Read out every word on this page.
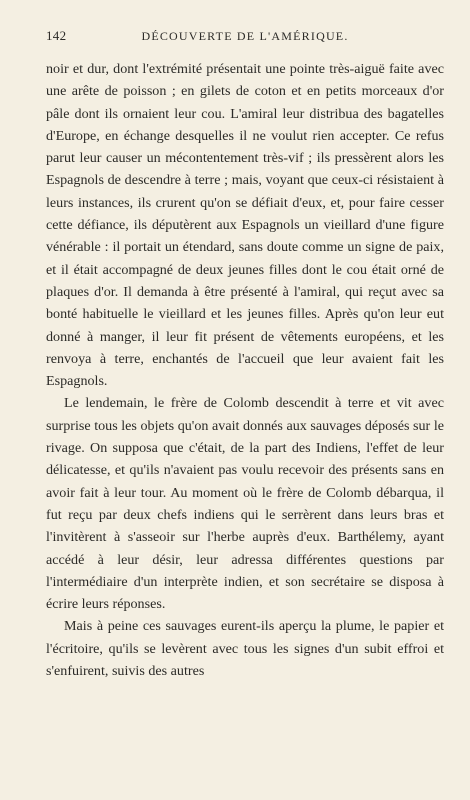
142	DÉCOUVERTE DE L'AMÉRIQUE.

noir et dur, dont l'extrémité présentait une pointe très-aiguë faite avec une arête de poisson ; en gilets de coton et en petits morceaux d'or pâle dont ils ornaient leur cou. L'amiral leur distribua des bagatelles d'Europe, en échange desquelles il ne voulut rien accepter. Ce refus parut leur causer un mécontentement très-vif ; ils pressèrent alors les Espagnols de descendre à terre ; mais, voyant que ceux-ci résistaient à leurs instances, ils crurent qu'on se défiait d'eux, et, pour faire cesser cette défiance, ils députèrent aux Espagnols un vieillard d'une figure vénérable : il portait un étendard, sans doute comme un signe de paix, et il était accompagné de deux jeunes filles dont le cou était orné de plaques d'or. Il demanda à être présenté à l'amiral, qui reçut avec sa bonté habituelle le vieillard et les jeunes filles. Après qu'on leur eut donné à manger, il leur fit présent de vêtements européens, et les renvoya à terre, enchantés de l'accueil que leur avaient fait les Espagnols.

Le lendemain, le frère de Colomb descendit à terre et vit avec surprise tous les objets qu'on avait donnés aux sauvages déposés sur le rivage. On supposa que c'était, de la part des Indiens, l'effet de leur délicatesse, et qu'ils n'avaient pas voulu recevoir des présents sans en avoir fait à leur tour. Au moment où le frère de Colomb débarqua, il fut reçu par deux chefs indiens qui le serrèrent dans leurs bras et l'invitèrent à s'asseoir sur l'herbe auprès d'eux. Barthélemy, ayant accédé à leur désir, leur adressa différentes questions par l'intermédiaire d'un interprète indien, et son secrétaire se disposa à écrire leurs réponses.

Mais à peine ces sauvages eurent-ils aperçu la plume, le papier et l'écritoire, qu'ils se levèrent avec tous les signes d'un subit effroi et s'enfuirent, suivis des autres
